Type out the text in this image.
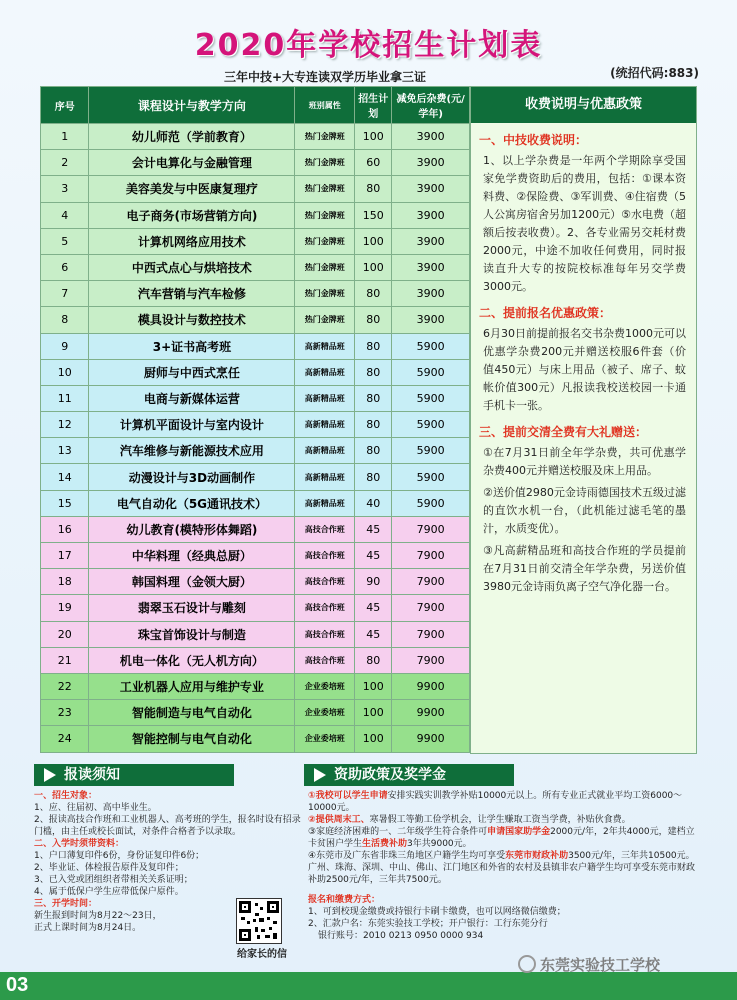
2020年学校招生计划表
三年中技+大专连读双学历毕业拿三证	(统招代码:883)
序号	课程设计与教学方向	班别属性	招生计划	减免后杂费(元/学年)
1	幼儿师范（学前教育）	热门金牌班	100	3900
2	会计电算化与金融管理	热门金牌班	60	3900
3	美容美发与中医康复理疗	热门金牌班	80	3900
4	电子商务(市场营销方向)	热门金牌班	150	3900
5	计算机网络应用技术	热门金牌班	100	3900
6	中西式点心与烘培技术	热门金牌班	100	3900
7	汽车营销与汽车检修	热门金牌班	80	3900
8	模具设计与数控技术	热门金牌班	80	3900
9	3+证书高考班	高新精品班	80	5900
10	厨师与中西式烹任	高新精品班	80	5900
11	电商与新媒体运营	高新精品班	80	5900
12	计算机平面设计与室内设计	高新精品班	80	5900
13	汽车维修与新能源技术应用	高新精品班	80	5900
14	动漫设计与3D动画制作	高新精品班	80	5900
15	电气自动化（5G通讯技术）	高新精品班	40	5900
16	幼儿教育(模特形体舞蹈)	高技合作班	45	7900
17	中华料理（经典总厨）	高技合作班	45	7900
18	韩国料理（金领大厨）	高技合作班	90	7900
19	翡翠玉石设计与雕刻	高技合作班	45	7900
20	珠宝首饰设计与制造	高技合作班	45	7900
21	机电一体化（无人机方向）	高技合作班	80	7900
22	工业机器人应用与维护专业	企业委培班	100	9900
23	智能制造与电气自动化	企业委培班	100	9900
24	智能控制与电气自动化	企业委培班	100	9900
收费说明与优惠政策
一、中技收费说明：
1、以上学杂费是一年两个学期除享受国家免学费资助后的费用，包括：①课本资料费、②保险费、③军训费、④住宿费（5人公寓房宿舍另加1200元）⑤水电费（超额后按表收费）。2、各专业需另交耗材费2000元，中途不加收任何费用，同时报读直升大专的按院校标准每年另交学费3000元。
二、提前报名优惠政策：
6月30日前提前报名交书杂费1000元可以优惠学杂费200元并赠送校服6件套（价值450元）与床上用品（被子、席子、蚊帐价值300元）凡报读我校送校园一卡通手机卡一张。
三、提前交清全费有大礼赠送：
①在7月31日前全年学杂费，共可优惠学杂费400元并赠送校服及床上用品。
②送价值2980元金诗雨德国技术五级过滤的直饮水机一台，（此机能过滤毛笔的墨汁，水质变优）。
③凡高薪精品班和高技合作班的学员提前在7月31日前交清全年学杂费，另送价值3980元金诗雨负离子空气净化器一台。
报读须知	资助政策及奖学金

一、招生对象：

1、应、往届初、高中毕业生。

2、报读高技合作班和工业机器人、高考班的学生，报名时设有招录门槛，由主任或校长面试，对条件合格者予以录取。

二、入学时须带资料：

1、户口薄复印件6份，身份证复印件6份；

2、毕业证、体检报告原件及复印件；

3、已入党或团组织者带相关关系证明；

4、属于低保户学生应带低保户原件。

三、开学时间：

新生报到时间为8月22～23日，

正式上课时间为8月24日。

给家长的信

①我校可以学生申请安排实践实训教学补贴10000元以上。所有专业正式就业平均工资6000～10000元。

②提供周末工、寒暑假工等勤工俭学机会，让学生赚取工资当学费，补贴伙食费。

③家庭经济困难的一、二年级学生符合条件可申请国家助学金2000元/年，2年共4000元，建档立卡贫困户学生生活费补助3年共9000元。

④东莞市及广东省非珠三角地区户籍学生均可享受东莞市财政补助3500元/年，三年共10500元。广州、珠海、深圳、中山、佛山、江门地区和外省的农村及县镇非农户籍学生均可享受东莞市财政补助2500元/年，三年共7500元。

报名和缴费方式：

1、可到校现金缴费或持银行卡刷卡缴费，也可以网络微信缴费；

2、汇款户名：东莞实验技工学校；开户银行：工行东莞分行

银行账号：2010 0213 0950 0000 934

03
东莞实验技工学校
